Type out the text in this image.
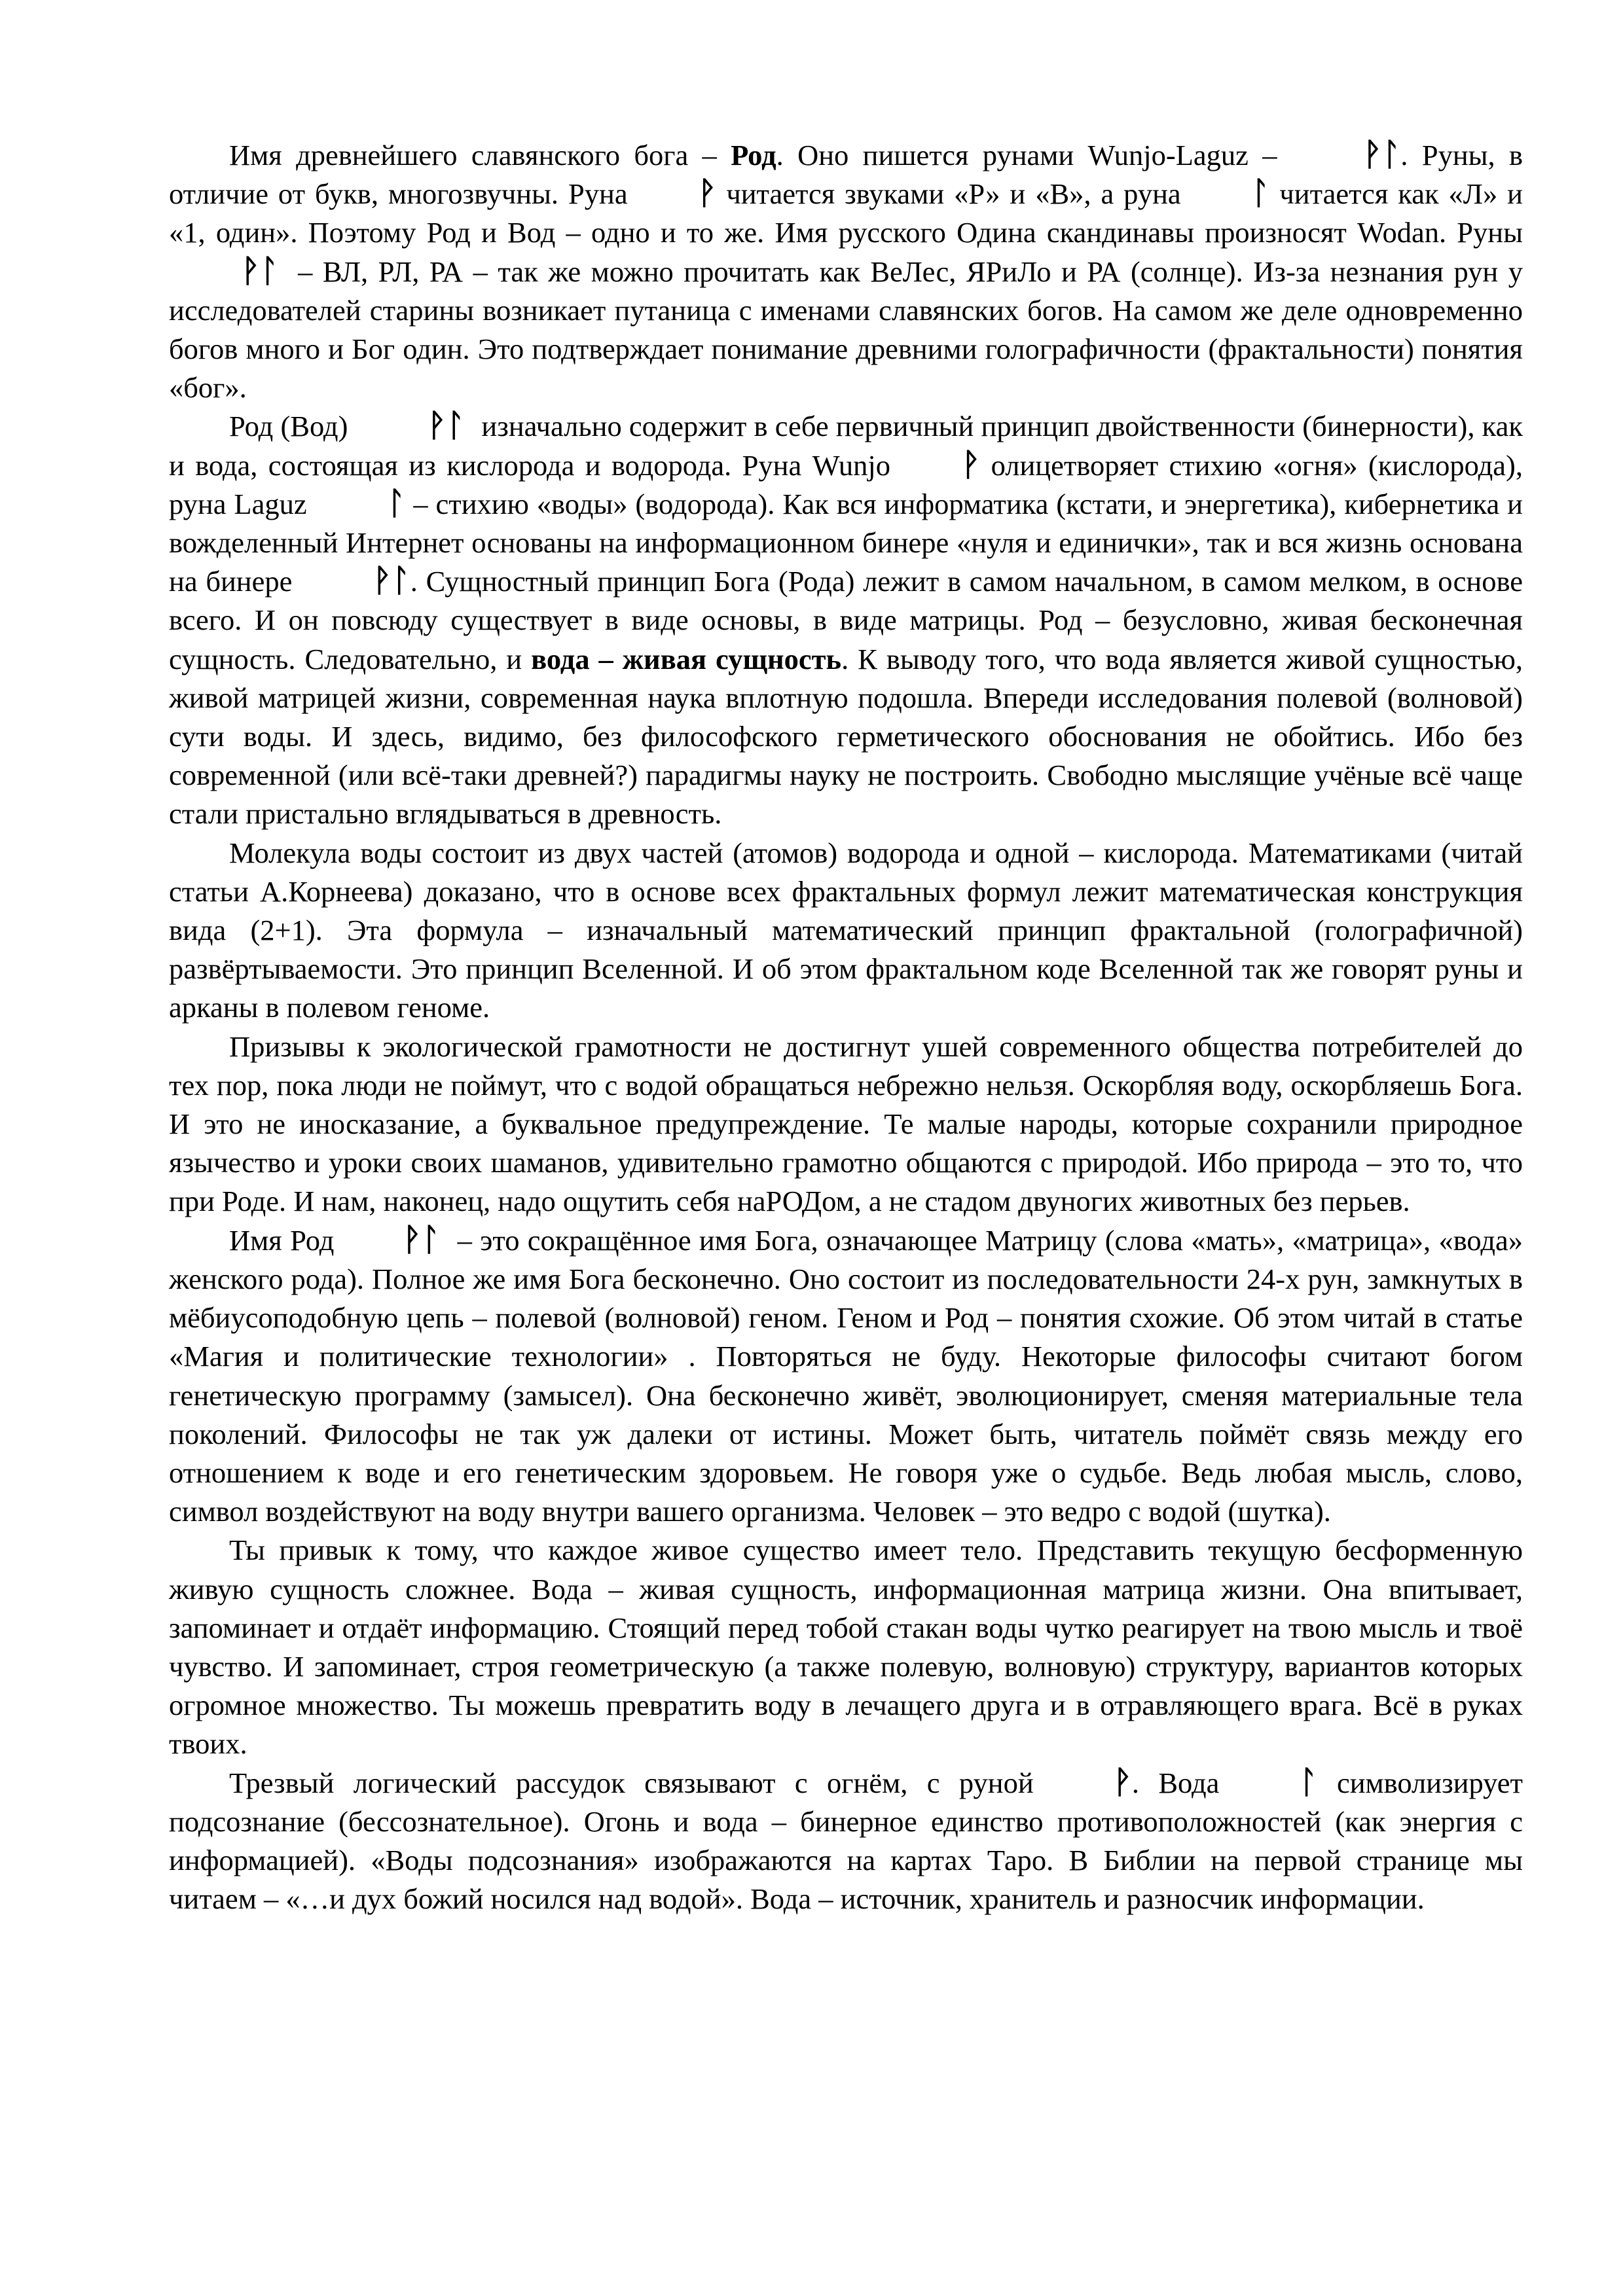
Имя древнейшего славянского бога – Род. Оно пишется рунами Wunjo-Laguz – ᚹᛚ. Руны, в отличие от букв, многозвучны. Руна ᚹ читается звуками «Р» и «В», а руна ᛚ читается как «Л» и «1, один». Поэтому Род и Вод – одно и то же. Имя русского Одина скандинавы произносят Wodan. Руны ᚹᛚ – ВЛ, РЛ, РА – так же можно прочитать как ВеЛес, ЯРиЛо и РА (солнце). Из-за незнания рун у исследователей старины возникает путаница с именами славянских богов. На самом же деле одновременно богов много и Бог один. Это подтверждает понимание древними голографичности (фрактальности) понятия «бог».

Род (Вод) ᚹᛚ изначально содержит в себе первичный принцип двойственности (бинерности), как и вода, состоящая из кислорода и водорода. Руна Wunjo ᚹ олицетворяет стихию «огня» (кислорода), руна Laguz ᛚ – стихию «воды» (водорода). Как вся информатика (кстати, и энергетика), кибернетика и вожделенный Интернет основаны на информационном бинере «нуля и единички», так и вся жизнь основана на бинере ᚹᛚ. Сущностный принцип Бога (Рода) лежит в самом начальном, в самом мелком, в основе всего. И он повсюду существует в виде основы, в виде матрицы. Род – безусловно, живая бесконечная сущность. Следовательно, и вода – живая сущность. К выводу того, что вода является живой сущностью, живой матрицей жизни, современная наука вплотную подошла. Впереди исследования полевой (волновой) сути воды. И здесь, видимо, без философского герметического обоснования не обойтись. Ибо без современной (или всё-таки древней?) парадигмы науку не построить. Свободно мыслящие учёные всё чаще стали пристально вглядываться в древность.

Молекула воды состоит из двух частей (атомов) водорода и одной – кислорода. Математиками (читай статьи А.Корнеева) доказано, что в основе всех фрактальных формул лежит математическая конструкция вида (2+1). Эта формула – изначальный математический принцип фрактальной (голографичной) развёртываемости. Это принцип Вселенной. И об этом фрактальном коде Вселенной так же говорят руны и арканы в полевом геноме.

Призывы к экологической грамотности не достигнут ушей современного общества потребителей до тех пор, пока люди не поймут, что с водой обращаться небрежно нельзя. Оскорбляя воду, оскорбляешь Бога. И это не иносказание, а буквальное предупреждение. Те малые народы, которые сохранили природное язычество и уроки своих шаманов, удивительно грамотно общаются с природой. Ибо природа – это то, что при Роде. И нам, наконец, надо ощутить себя наРОДом, а не стадом двуногих животных без перьев.

Имя Род ᚹᛚ – это сокращённое имя Бога, означающее Матрицу (слова «мать», «матрица», «вода» женского рода). Полное же имя Бога бесконечно. Оно состоит из последовательности 24-х рун, замкнутых в мёбиусоподобную цепь – полевой (волновой) геном. Геном и Род – понятия схожие. Об этом читай в статье «Магия и политические технологии» . Повторяться не буду. Некоторые философы считают богом генетическую программу (замысел). Она бесконечно живёт, эволюционирует, сменяя материальные тела поколений. Философы не так уж далеки от истины. Может быть, читатель поймёт связь между его отношением к воде и его генетическим здоровьем. Не говоря уже о судьбе. Ведь любая мысль, слово, символ воздействуют на воду внутри вашего организма. Человек – это ведро с водой (шутка).

Ты привык к тому, что каждое живое существо имеет тело. Представить текущую бесформенную живую сущность сложнее. Вода – живая сущность, информационная матрица жизни. Она впитывает, запоминает и отдаёт информацию. Стоящий перед тобой стакан воды чутко реагирует на твою мысль и твоё чувство. И запоминает, строя геометрическую (а также полевую, волновую) структуру, вариантов которых огромное множество. Ты можешь превратить воду в лечащего друга и в отравляющего врага. Всё в руках твоих.

Трезвый логический рассудок связывают с огнём, с руной ᚹ. Вода ᛚ символизирует подсознание (бессознательное). Огонь и вода – бинерное единство противоположностей (как энергия с информацией). «Воды подсознания» изображаются на картах Таро. В Библии на первой странице мы читаем – «…и дух божий носился над водой». Вода – источник, хранитель и разносчик информации.
